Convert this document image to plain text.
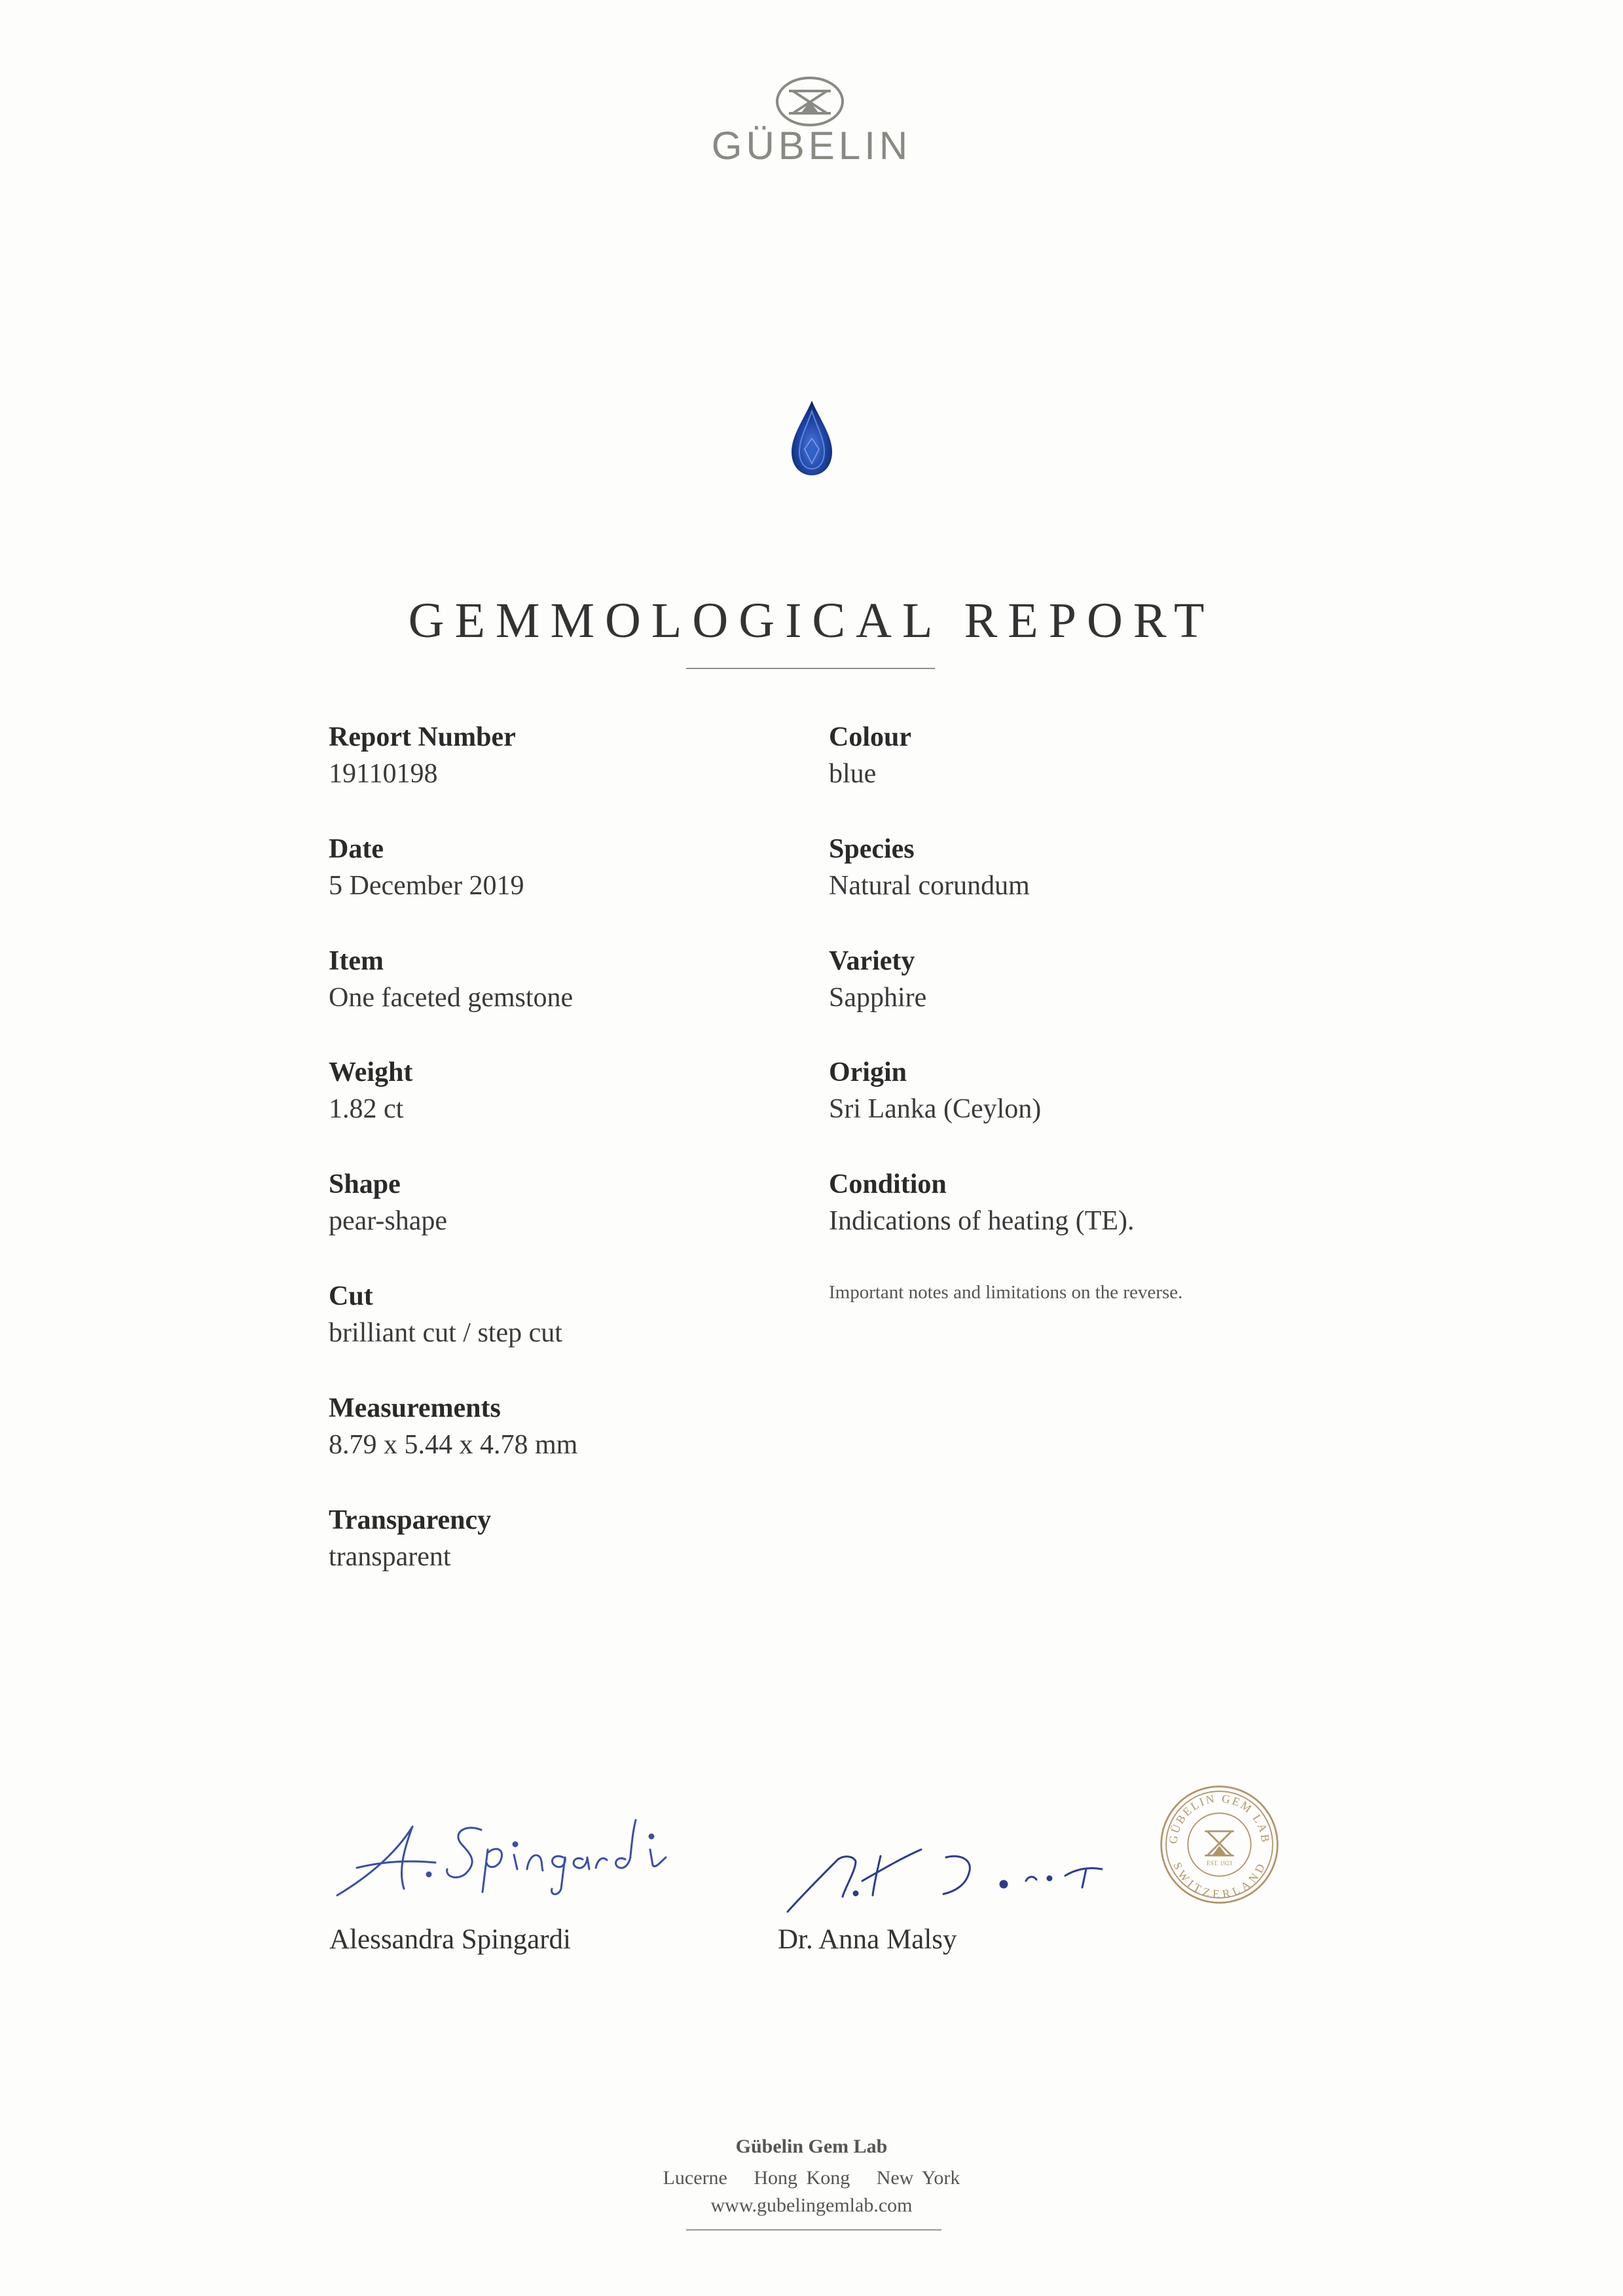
GÜBELIN
GEMMOLOGICAL REPORT
Report Number
19110198
Date
5 December 2019
Item
One faceted gemstone
Weight
1.82 ct
Shape
pear-shape
Cut
brilliant cut / step cut
Measurements
8.79 x 5.44 x 4.78 mm
Transparency
transparent
Colour
blue
Species
Natural corundum
Variety
Sapphire
Origin
Sri Lanka (Ceylon)
Condition
Indications of heating (TE).
Important notes and limitations on the reverse.
Alessandra Spingardi	Dr. Anna Malsy
GÜBELIN GEM LAB
SWITZERLAND
EST. 1923
Gübelin Gem Lab
Lucerne   Hong Kong   New York
www.gubelingemlab.com
